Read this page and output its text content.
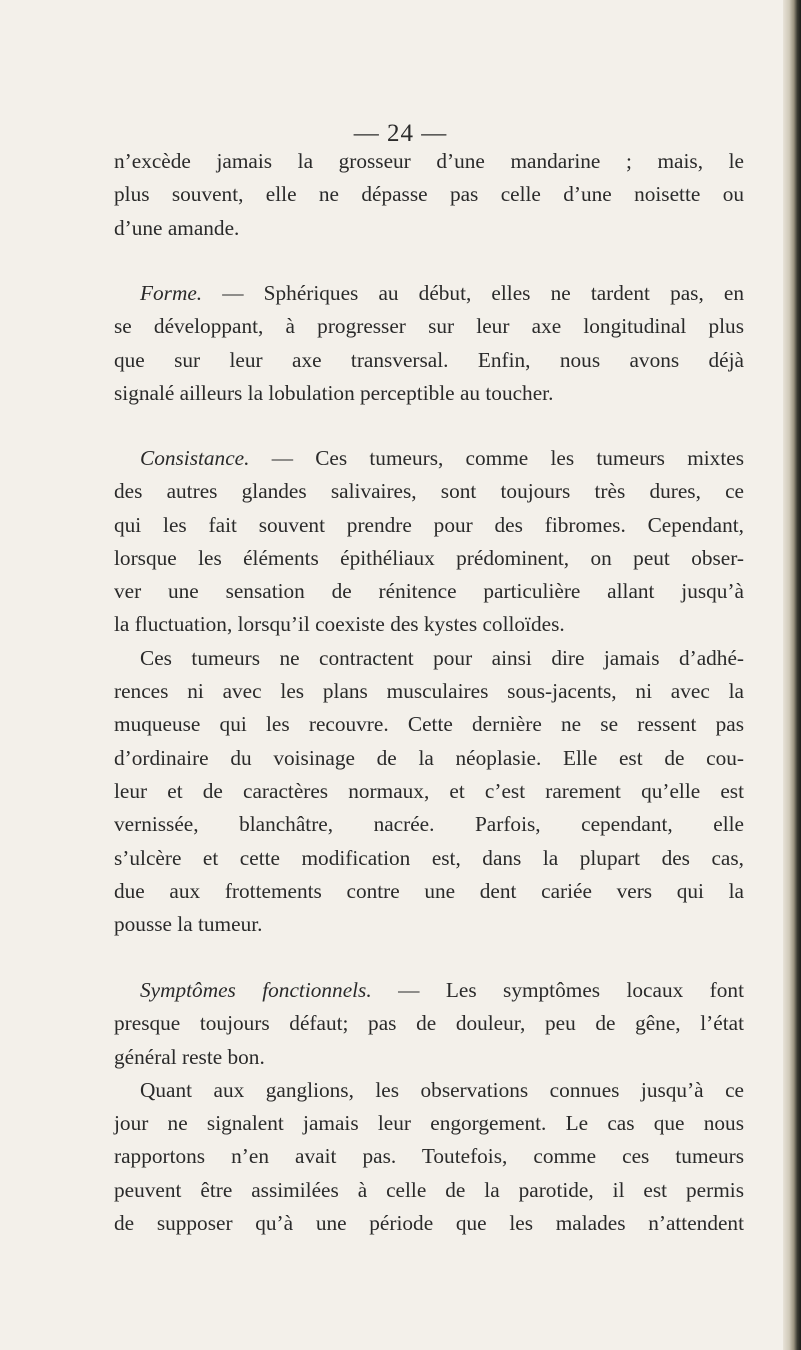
— 24 —
n’excède jamais la grosseur d’une mandarine ; mais, le
plus souvent, elle ne dépasse pas celle d’une noisette ou
d’une amande.
Forme. — Sphériques au début, elles ne tardent pas, en
se développant, à progresser sur leur axe longitudinal plus
que sur leur axe transversal. Enfin, nous avons déjà
signalé ailleurs la lobulation perceptible au toucher.
Consistance. — Ces tumeurs, comme les tumeurs mixtes
des autres glandes salivaires, sont toujours très dures, ce
qui les fait souvent prendre pour des fibromes. Cependant,
lorsque les éléments épithéliaux prédominent, on peut obser-
ver une sensation de rénitence particulière allant jusqu’à
la fluctuation, lorsqu’il coexiste des kystes colloïdes.
Ces tumeurs ne contractent pour ainsi dire jamais d’adhé-
rences ni avec les plans musculaires sous-jacents, ni avec la
muqueuse qui les recouvre. Cette dernière ne se ressent pas
d’ordinaire du voisinage de la néoplasie. Elle est de cou-
leur et de caractères normaux, et c’est rarement qu’elle est
vernissée, blanchâtre, nacrée. Parfois, cependant, elle
s’ulcère et cette modification est, dans la plupart des cas,
due aux frottements contre une dent cariée vers qui la
pousse la tumeur.
Symptômes fonctionnels. — Les symptômes locaux font
presque toujours défaut; pas de douleur, peu de gêne, l’état
général reste bon.
Quant aux ganglions, les observations connues jusqu’à ce
jour ne signalent jamais leur engorgement. Le cas que nous
rapportons n’en avait pas. Toutefois, comme ces tumeurs
peuvent être assimilées à celle de la parotide, il est permis
de supposer qu’à une période que les malades n’attendent
